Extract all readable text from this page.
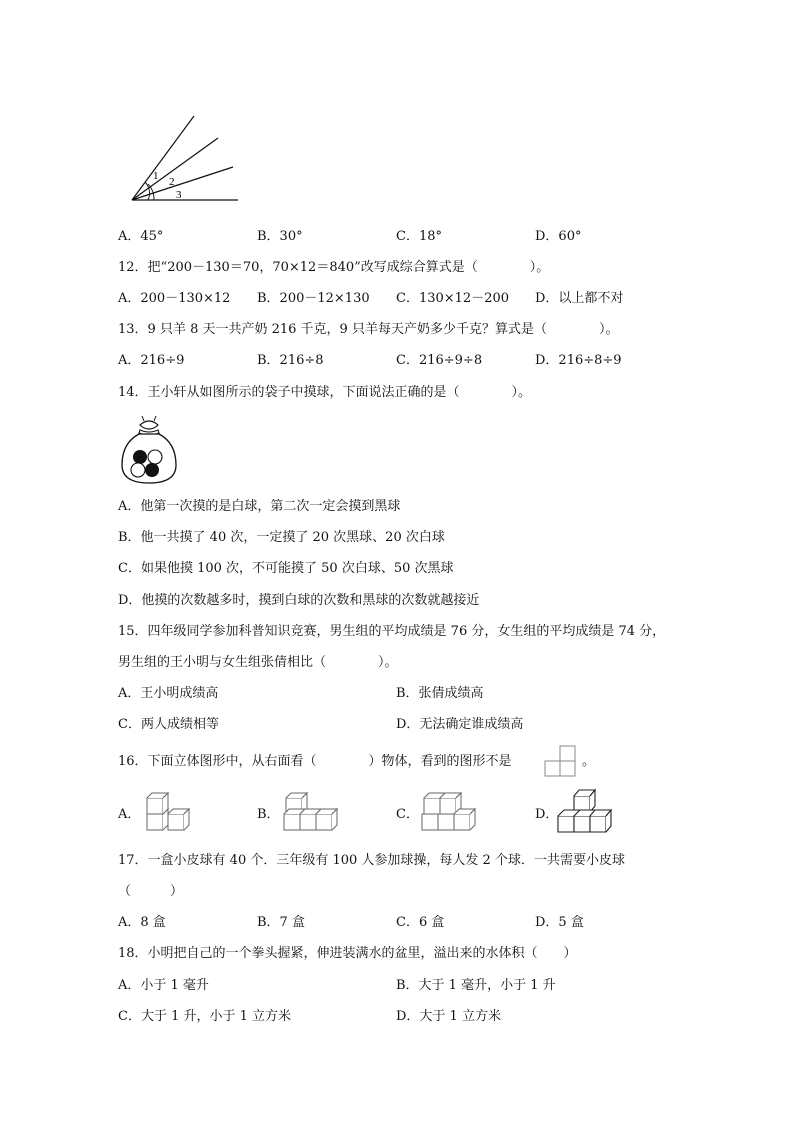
1 2
3
A．45°	B．30°	C．18°	D．60°
12．把“200－130＝70，70×12＝840”改写成综合算式是（　　　　）。
A．200－130×12 B．200－12×130 C．130×12－200 D．以上都不对
13．9 只羊 8 天一共产奶 216 千克，9 只羊每天产奶多少千克？算式是（　　　　）。
A．216÷9	B．216÷8	C．216÷9÷8	D．216÷8÷9
14．王小轩从如图所示的袋子中摸球，下面说法正确的是（　　　　）。
A．他第一次摸的是白球，第二次一定会摸到黑球
B．他一共摸了 40 次，一定摸了 20 次黑球、20 次白球
C．如果他摸 100 次，不可能摸了 50 次白球、50 次黑球
D．他摸的次数越多时，摸到白球的次数和黑球的次数就越接近
15．四年级同学参加科普知识竞赛，男生组的平均成绩是 76 分，女生组的平均成绩是 74 分，
男生组的王小明与女生组张倩相比（　　　　）。
A．王小明成绩高	B．张倩成绩高
C．两人成绩相等	D．无法确定谁成绩高
16．下面立体图形中，从右面看（　　　　）物体，看到的图形不是	。
A．	B．	C．	D．
17．一盒小皮球有 40 个．三年级有 100 人参加球操，每人发 2 个球．一共需要小皮球
（　　　）
A．8 盒	B．7 盒	C．6 盒	D．5 盒
18．小明把自己的一个拳头握紧，伸进装满水的盆里，溢出来的水体积（　　）
A．小于 1 毫升	B．大于 1 毫升，小于 1 升
C．大于 1 升，小于 1 立方米	D．大于 1 立方米
